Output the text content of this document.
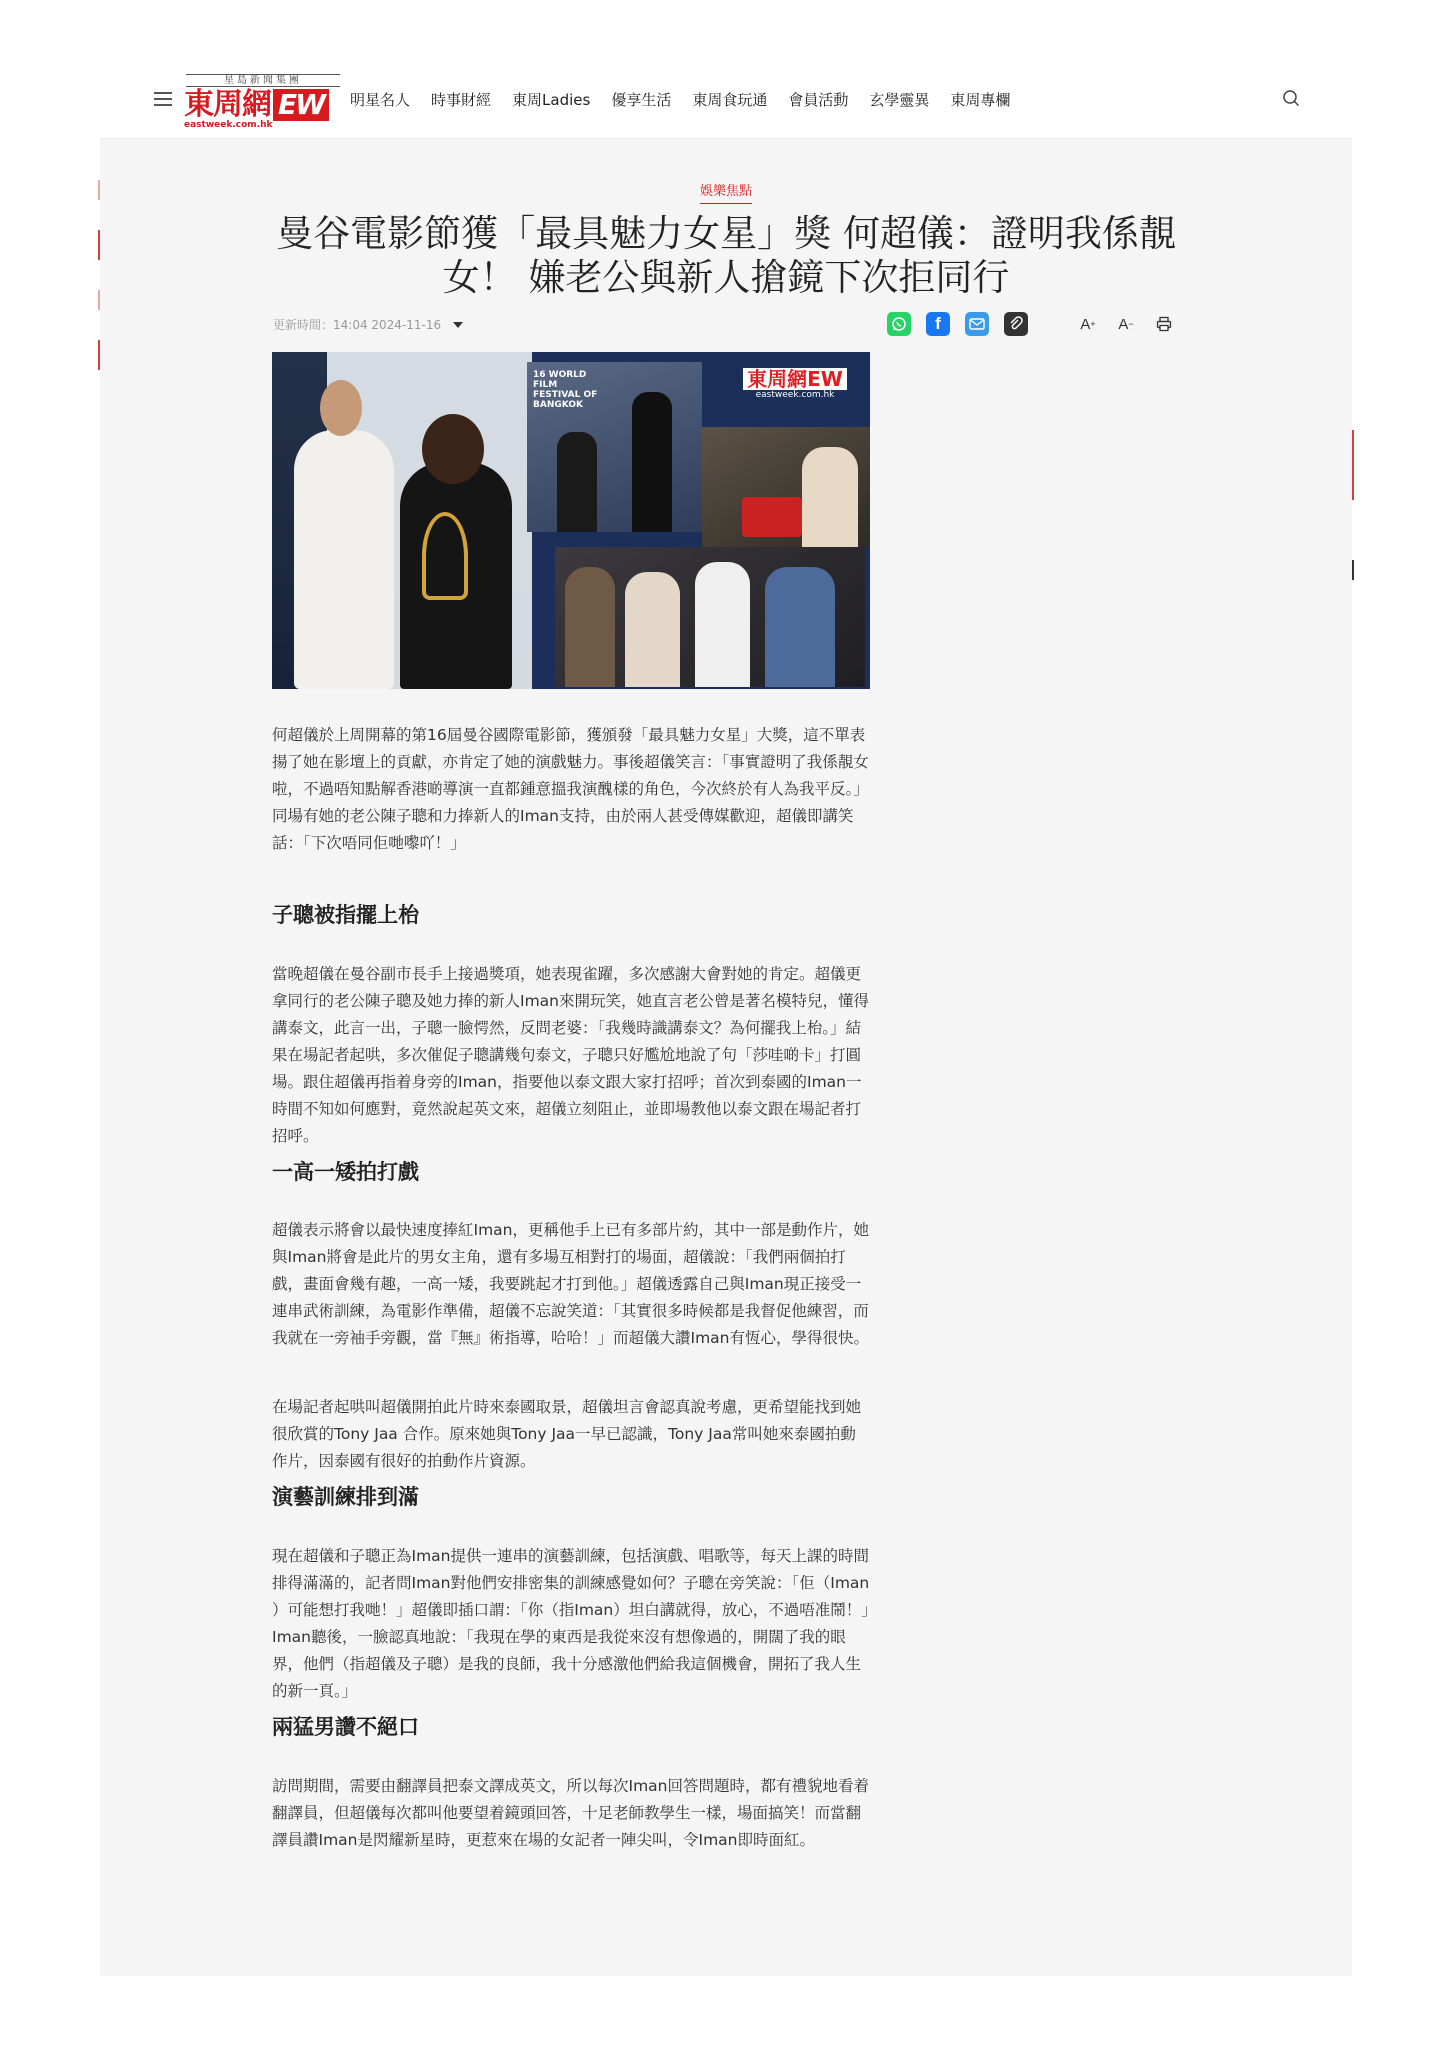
星島新聞集團
東周網 EW
eastweek.com.hk
明星名人 時事財經 東周Ladies 優享生活 東周食玩通 會員活動 玄學靈異 東周專欄
娛樂焦點
曼谷電影節獲「最具魅力女星」獎 何超儀：證明我係靚女！ 嫌老公與新人搶鏡下次拒同行
更新時間：14:04 2024-11-16	f	A + A −
16 WORLD FILM FESTIVAL OF BANGKOK
東周網EW
eastweek.com.hk

何超儀於上周開幕的第16屆曼谷國際電影節，獲頒發「最具魅力女星」大獎，這不單表揚了她在影壇上的貢獻，亦肯定了她的演戲魅力。事後超儀笑言：「事實證明了我係靚女啦，不過唔知點解香港啲導演一直都鍾意搵我演醜樣的角色，今次終於有人為我平反。」同場有她的老公陳子聰和力捧新人的Iman支持，由於兩人甚受傳媒歡迎，超儀即講笑話：「下次唔同佢哋嚟吖！」

子聰被指擺上枱

當晚超儀在曼谷副市長手上接過獎項，她表現雀躍，多次感謝大會對她的肯定。超儀更拿同行的老公陳子聰及她力捧的新人Iman來開玩笑，她直言老公曾是著名模特兒，懂得講泰文，此言一出，子聰一臉愕然，反問老婆：「我幾時識講泰文？為何擺我上枱。」結果在場記者起哄，多次催促子聰講幾句泰文，子聰只好尷尬地說了句「莎哇啲卡」打圓場。跟住超儀再指着身旁的Iman，指要他以泰文跟大家打招呼；首次到泰國的Iman一時間不知如何應對，竟然說起英文來，超儀立刻阻止，並即場教他以泰文跟在場記者打招呼。

一高一矮拍打戲

超儀表示將會以最快速度捧紅Iman，更稱他手上已有多部片約，其中一部是動作片，她與Iman將會是此片的男女主角，還有多場互相對打的場面，超儀說：「我們兩個拍打戲，畫面會幾有趣，一高一矮，我要跳起才打到他。」超儀透露自己與Iman現正接受一連串武術訓練，為電影作準備，超儀不忘說笑道：「其實很多時候都是我督促他練習，而我就在一旁袖手旁觀，當『無』術指導，哈哈！」而超儀大讚Iman有恆心，學得很快。

在場記者起哄叫超儀開拍此片時來泰國取景，超儀坦言會認真說考慮，更希望能找到她很欣賞的Tony Jaa 合作。原來她與Tony Jaa一早已認識，Tony Jaa常叫她來泰國拍動作片，因泰國有很好的拍動作片資源。

演藝訓練排到滿

現在超儀和子聰正為Iman提供一連串的演藝訓練，包括演戲、唱歌等，每天上課的時間排得滿滿的，記者問Iman對他們安排密集的訓練感覺如何？子聰在旁笑說：「佢（Iman ）可能想打我哋！」超儀即插口謂：「你（指Iman）坦白講就得，放心，不過唔准鬧！」Iman聽後，一臉認真地說：「我現在學的東西是我從來沒有想像過的，開闊了我的眼界，他們（指超儀及子聰）是我的良師，我十分感激他們給我這個機會，開拓了我人生的新一頁。」

兩猛男讚不絕口

訪問期間，需要由翻譯員把泰文譯成英文，所以每次Iman回答問題時，都有禮貌地看着翻譯員，但超儀每次都叫他要望着鏡頭回答，十足老師教學生一樣，場面搞笑！而當翻譯員讚Iman是閃耀新星時，更惹來在場的女記者一陣尖叫，令Iman即時面紅。
